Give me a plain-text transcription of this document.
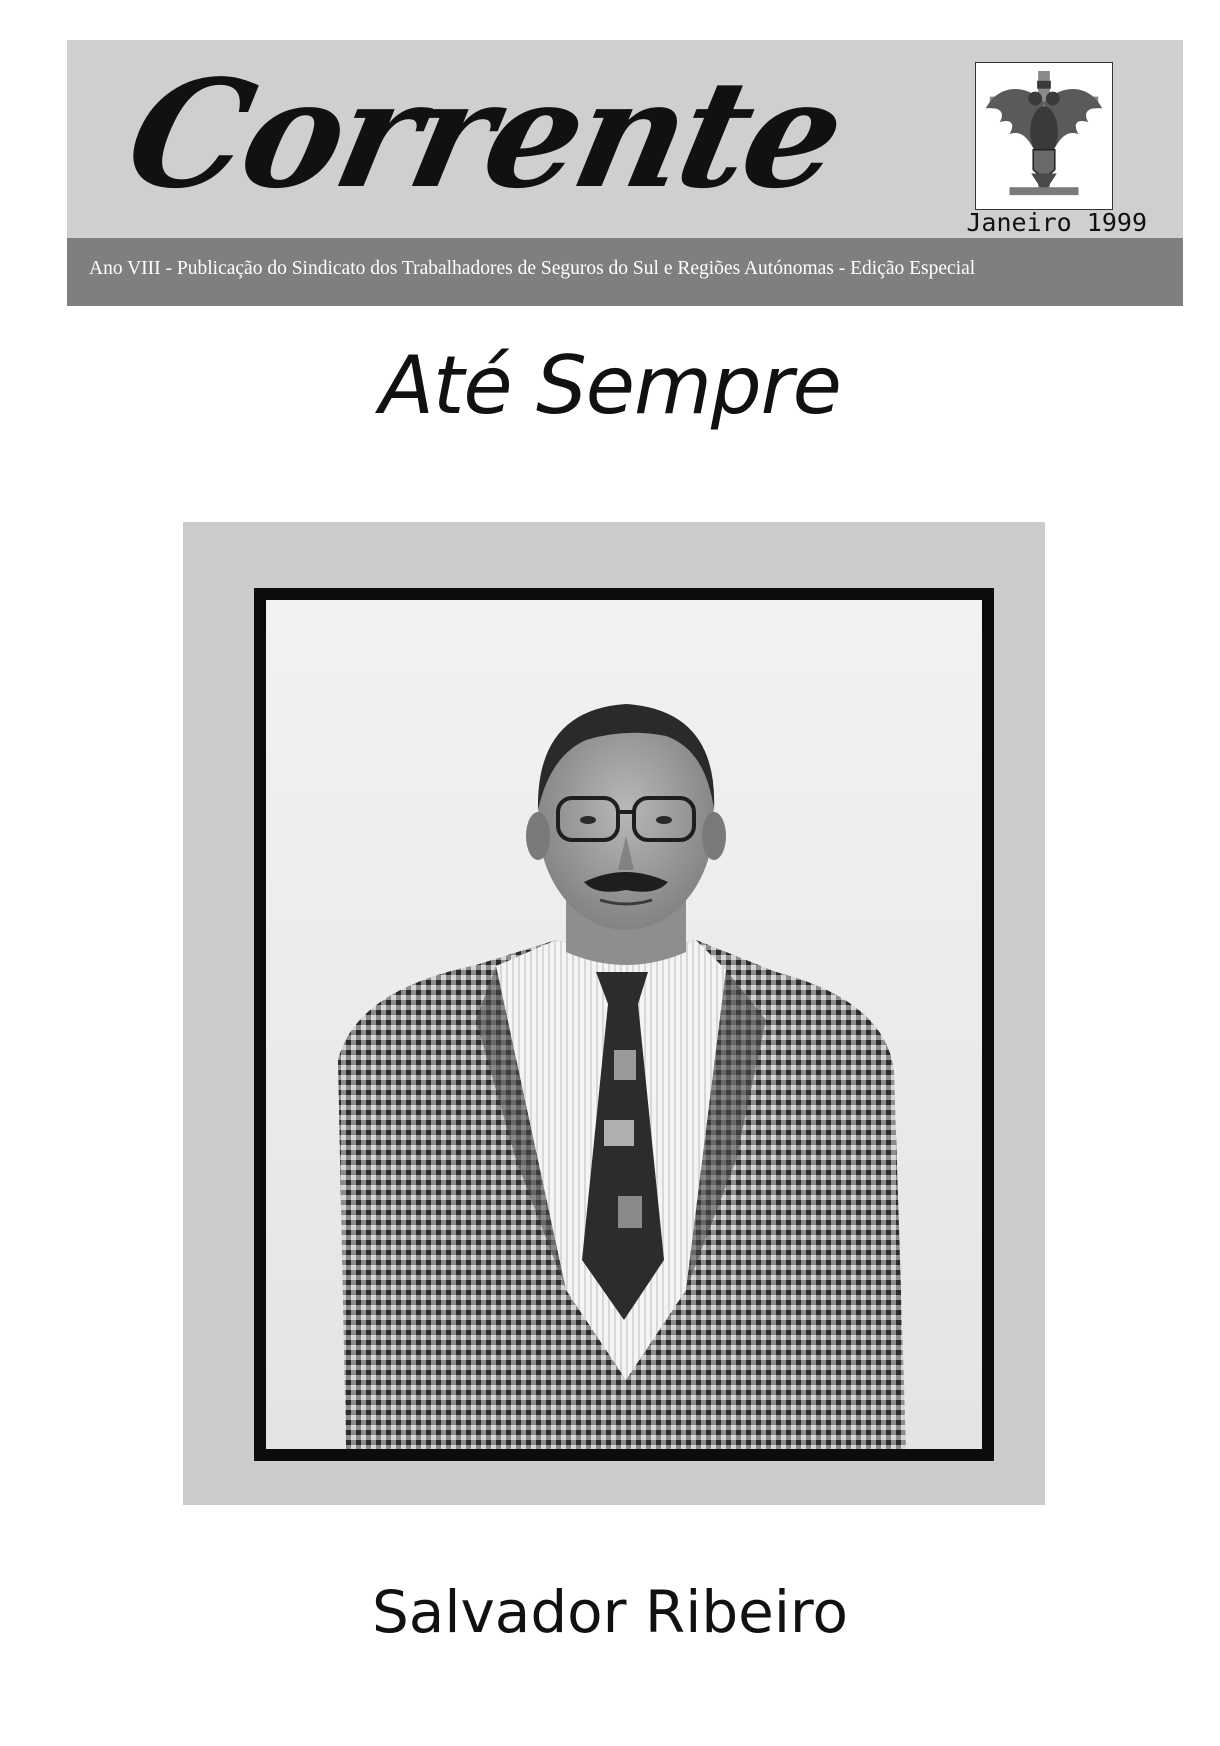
Corrente
Janeiro 1999
Ano VIII - Publicação do Sindicato dos Trabalhadores de Seguros do Sul e Regiões Autónomas - Edição Especial
Até Sempre
Salvador Ribeiro
